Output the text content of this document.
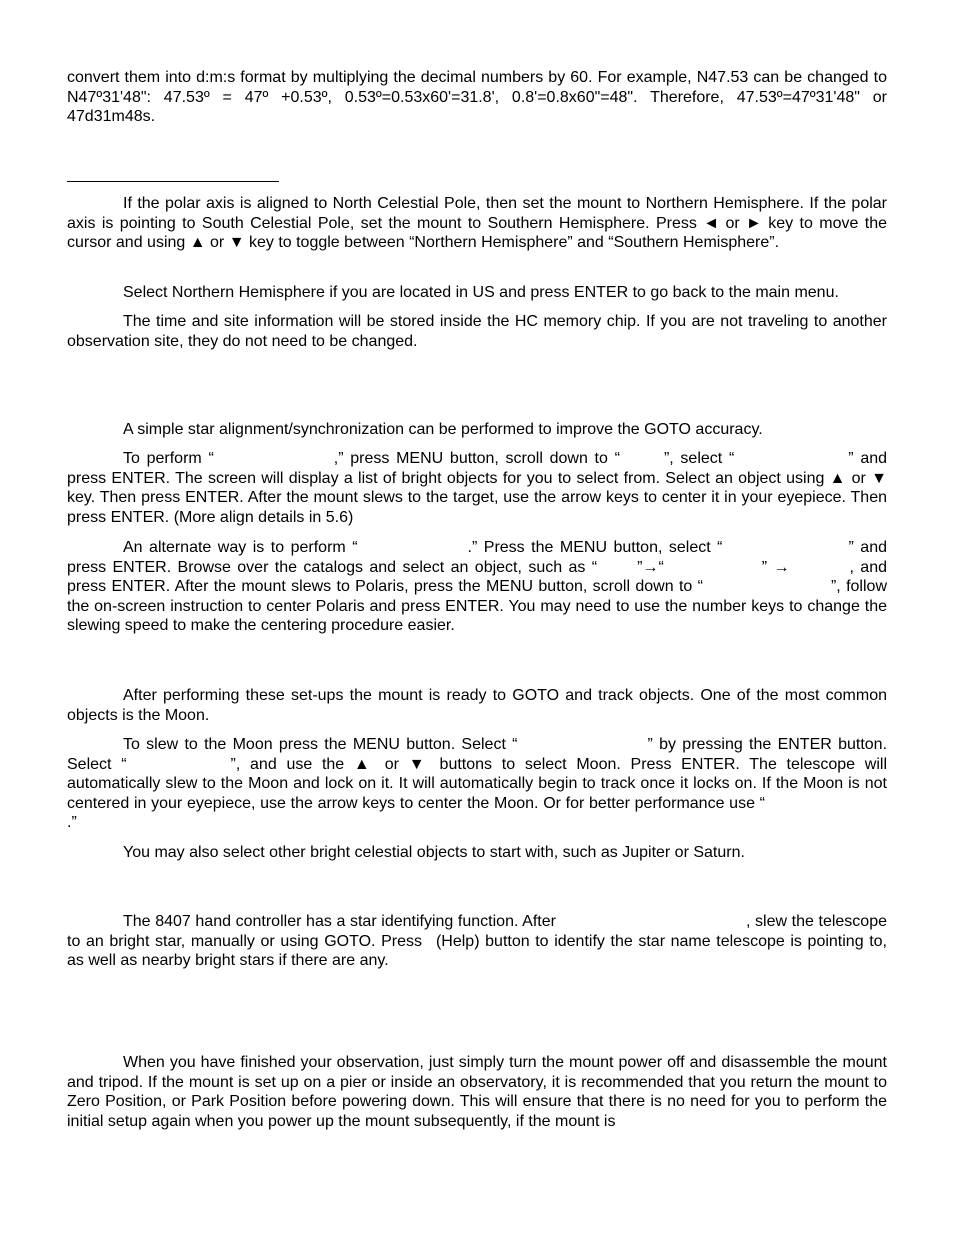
convert them into d:m:s format by multiplying the decimal numbers by 60. For example, N47.53 can be changed to N47º31'48": 47.53º = 47º +0.53º, 0.53º=0.53x60'=31.8', 0.8'=0.8x60"=48". Therefore, 47.53º=47º31'48" or 47d31m48s.

If the polar axis is aligned to North Celestial Pole, then set the mount to Northern Hemisphere. If the polar axis is pointing to South Celestial Pole, set the mount to Southern Hemisphere. Press ◄ or ► key to move the cursor and using ▲ or ▼ key to toggle between “Northern Hemisphere” and “Southern Hemisphere”.

Select Northern Hemisphere if you are located in US and press ENTER to go back to the main menu.

The time and site information will be stored inside the HC memory chip. If you are not traveling to another observation site, they do not need to be changed.

A simple star alignment/synchronization can be performed to improve the GOTO accuracy.

To perform “	,” press MENU button, scroll down to “	”, select “	” and press ENTER. The screen will display a list of bright objects for you to select from. Select an object using ▲ or ▼ key. Then press ENTER. After the mount slews to the target, use the arrow keys to center it in your eyepiece. Then press ENTER. (More align details in 5.6)

An alternate way is to perform “	.” Press the MENU button, select “	” and press ENTER. Browse over the catalogs and select an object, such as “	”→“	” →	, and press ENTER. After the mount slews to Polaris, press the MENU button, scroll down to “	”, follow the on-screen instruction to center Polaris and press ENTER. You may need to use the number keys to change the slewing speed to make the centering procedure easier.

After performing these set-ups the mount is ready to GOTO and track objects. One of the most common objects is the Moon.

To slew to the Moon press the MENU button. Select “	” by pressing the ENTER button. Select “	”, and use the ▲ or ▼ buttons to select Moon. Press ENTER. The telescope will automatically slew to the Moon and lock on it. It will automatically begin to track once it locks on. If the Moon is not centered in your eyepiece, use the arrow keys to center the Moon. Or for better performance use “.”

You may also select other bright celestial objects to start with, such as Jupiter or Saturn.

The 8407 hand controller has a star identifying function. After	, slew the telescope to an bright star, manually or using GOTO. Press (Help) button to identify the star name telescope is pointing to, as well as nearby bright stars if there are any.

When you have finished your observation, just simply turn the mount power off and disassemble the mount and tripod. If the mount is set up on a pier or inside an observatory, it is recommended that you return the mount to Zero Position, or Park Position before powering down. This will ensure that there is no need for you to perform the initial setup again when you power up the mount subsequently, if the mount is
